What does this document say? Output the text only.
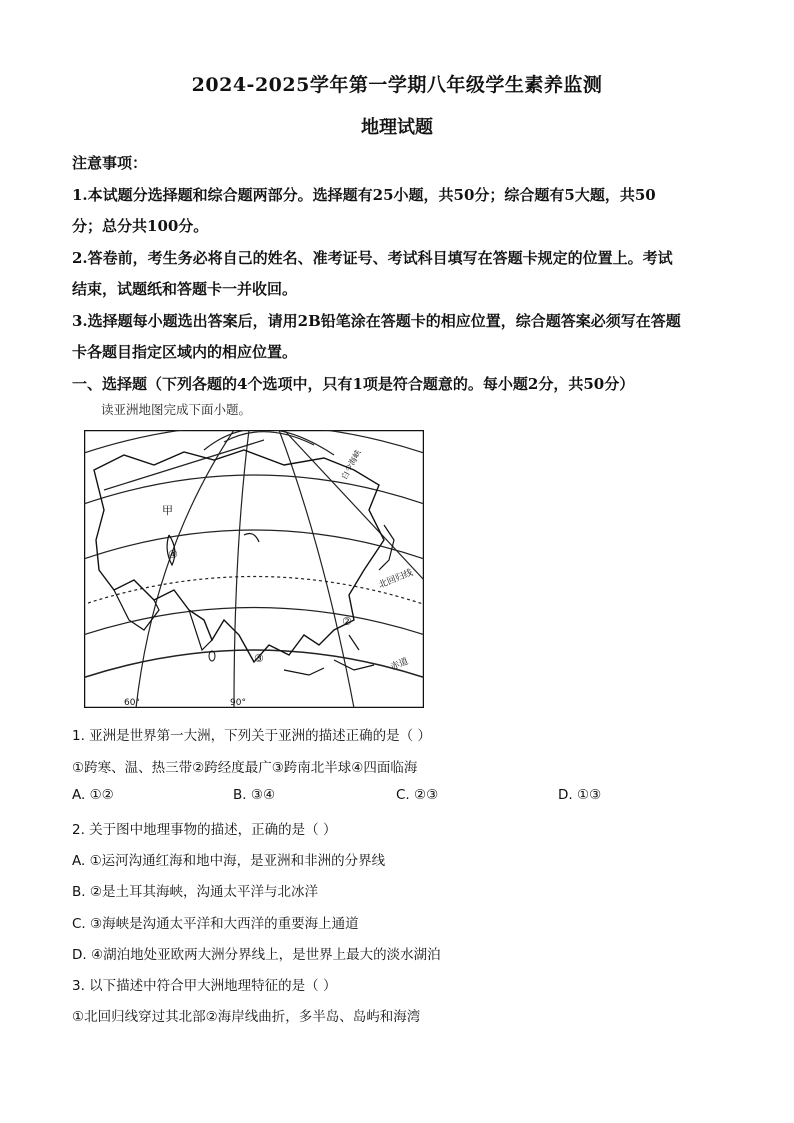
2024-2025学年第一学期八年级学生素养监测
地理试题

注意事项：

1.本试题分选择题和综合题两部分。选择题有25小题，共50分；综合题有5大题，共50

分；总分共100分。

2.答卷前，考生务必将自己的姓名、准考证号、考试科目填写在答题卡规定的位置上。考试

结束，试题纸和答题卡一并收回。

3.选择题每小题选出答案后，请用2B铅笔涂在答题卡的相应位置，综合题答案必须写在答题

卡各题目指定区域内的相应位置。

一、选择题（下列各题的4个选项中，只有1项是符合题意的。每小题2分，共50分）

读亚洲地图完成下面小题。
甲
④
③
②
北回归线
赤道
白令海峡
60°	90°
1. 亚洲是世界第一大洲，下列关于亚洲的描述正确的是（ ）
①跨寒、温、热三带②跨经度最广③跨南北半球④四面临海
A. ①②	B. ③④	C. ②③	D. ①③
2. 关于图中地理事物的描述，正确的是（ ）
A. ①运河沟通红海和地中海，是亚洲和非洲的分界线
B. ②是土耳其海峡，沟通太平洋与北冰洋
C. ③海峡是沟通太平洋和大西洋的重要海上通道
D. ④湖泊地处亚欧两大洲分界线上，是世界上最大的淡水湖泊
3. 以下描述中符合甲大洲地理特征的是（ ）
①北回归线穿过其北部②海岸线曲折，多半岛、岛屿和海湾
